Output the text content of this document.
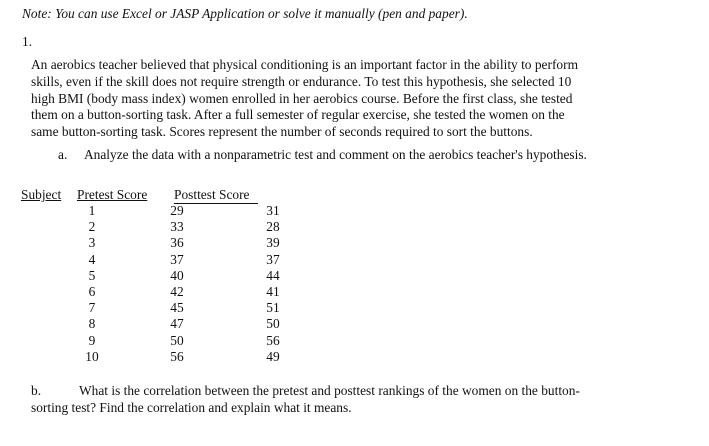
Note: You can use Excel or JASP Application or solve it manually (pen and paper).
1.
An aerobics teacher believed that physical conditioning is an important factor in the ability to perform
skills, even if the skill does not require strength or endurance. To test this hypothesis, she selected 10
high BMI (body mass index) women enrolled in her aerobics course. Before the first class, she tested
them on a button-sorting task. After a full semester of regular exercise, she tested the women on the
same button-sorting task. Scores represent the number of seconds required to sort the buttons.
a. Analyze the data with a nonparametric test and comment on the aerobics teacher's hypothesis.
Subject Pretest Score Posttest Score
1	29	31
2	33	28
3	36	39
4	37	37
5	40	44
6	42	41
7	45	51
8	47	50
9	50	56
10	56	49
b.	What is the correlation between the pretest and posttest rankings of the women on the button-
sorting test? Find the correlation and explain what it means.
